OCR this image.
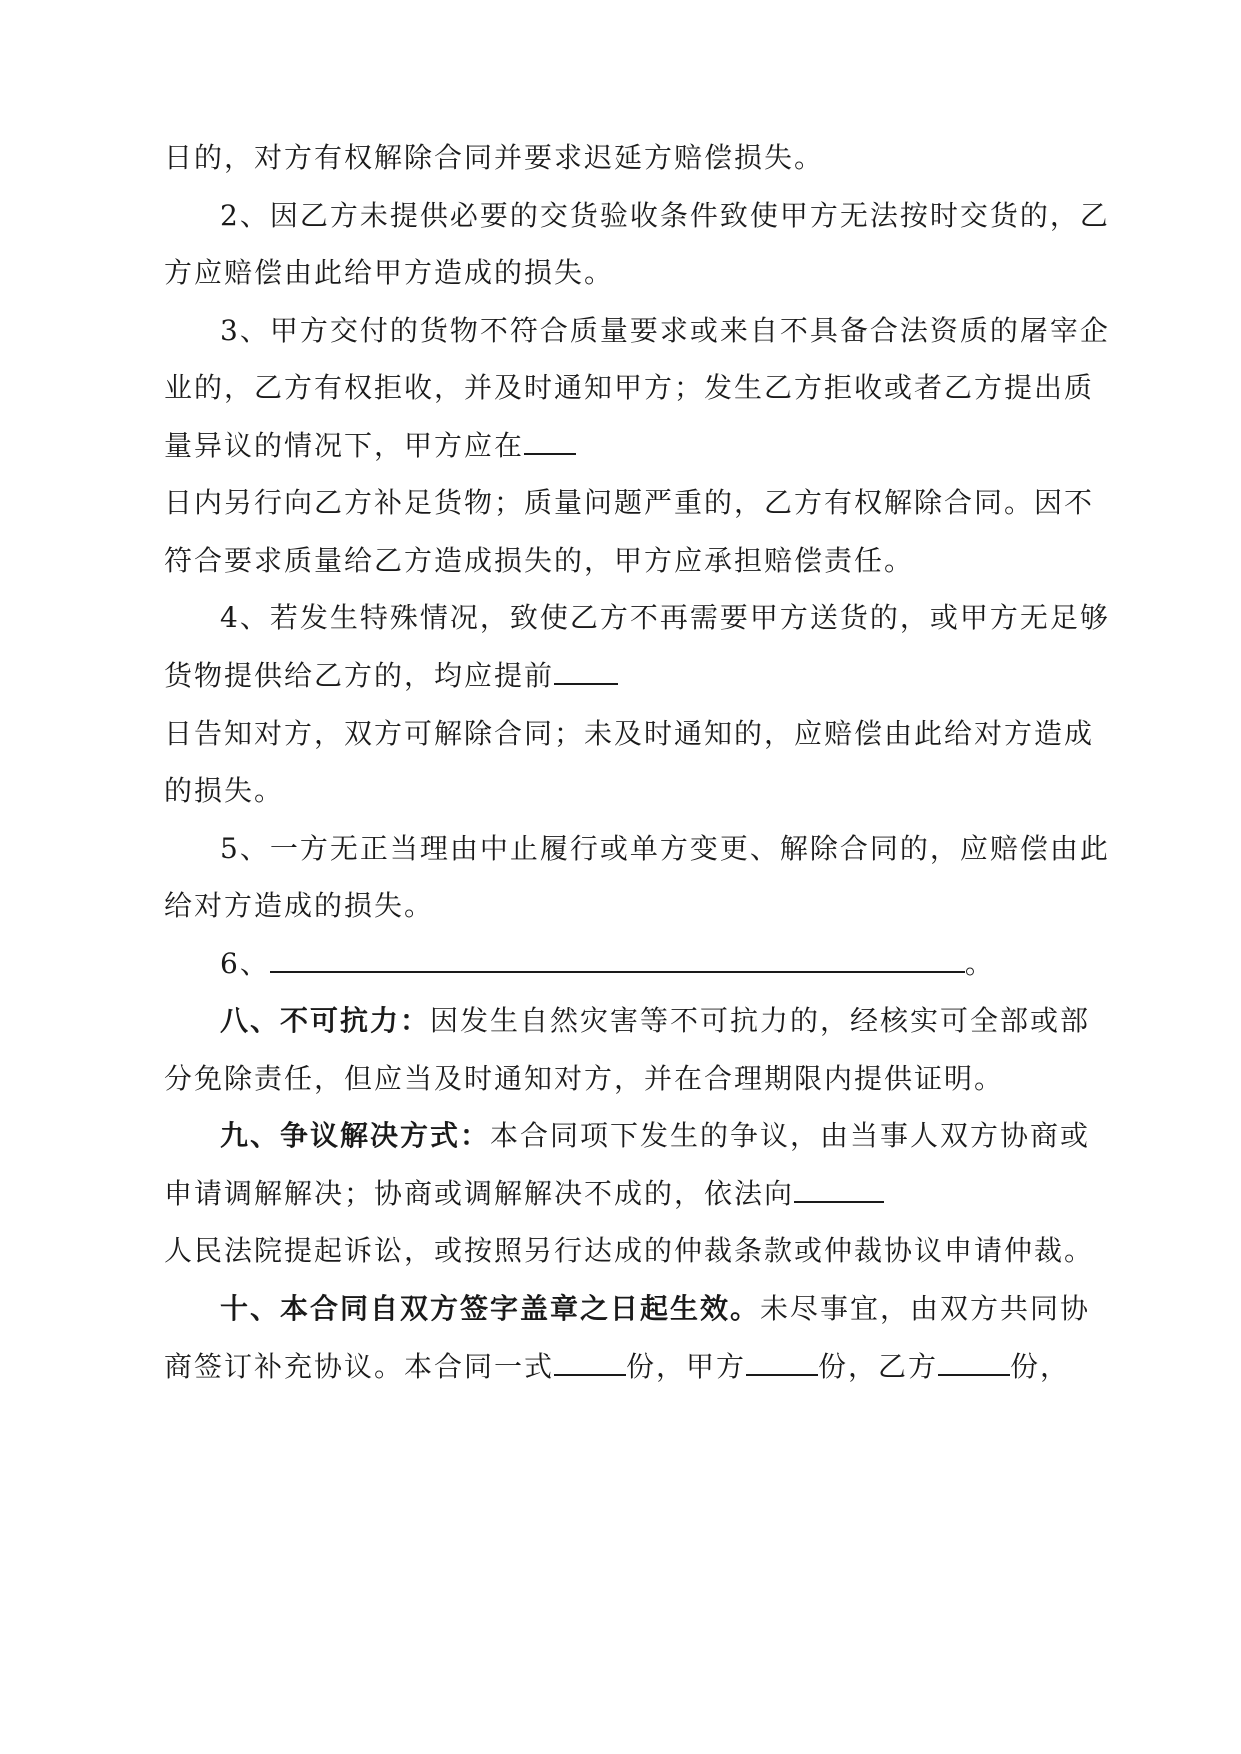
日的，对方有权解除合同并要求迟延方赔偿损失。
2、因乙方未提供必要的交货验收条件致使甲方无法按时交货的，乙
方应赔偿由此给甲方造成的损失。
3、甲方交付的货物不符合质量要求或来自不具备合法资质的屠宰企
业的，乙方有权拒收，并及时通知甲方；发生乙方拒收或者乙方提出质
量异议的情况下，甲方应在
日内另行向乙方补足货物；质量问题严重的，乙方有权解除合同。因不
符合要求质量给乙方造成损失的，甲方应承担赔偿责任。
4、若发生特殊情况，致使乙方不再需要甲方送货的，或甲方无足够
货物提供给乙方的，均应提前
日告知对方，双方可解除合同；未及时通知的，应赔偿由此给对方造成
的损失。
5、一方无正当理由中止履行或单方变更、解除合同的，应赔偿由此
给对方造成的损失。
6、	。
八、不可抗力：因发生自然灾害等不可抗力的，经核实可全部或部
分免除责任，但应当及时通知对方，并在合理期限内提供证明。
九、争议解决方式：本合同项下发生的争议，由当事人双方协商或
申请调解解决；协商或调解解决不成的，依法向
人民法院提起诉讼，或按照另行达成的仲裁条款或仲裁协议申请仲裁。
十、本合同自双方签字盖章之日起生效。未尽事宜，由双方共同协
商签订补充协议。本合同一式	份，甲方	份，乙方	份，
